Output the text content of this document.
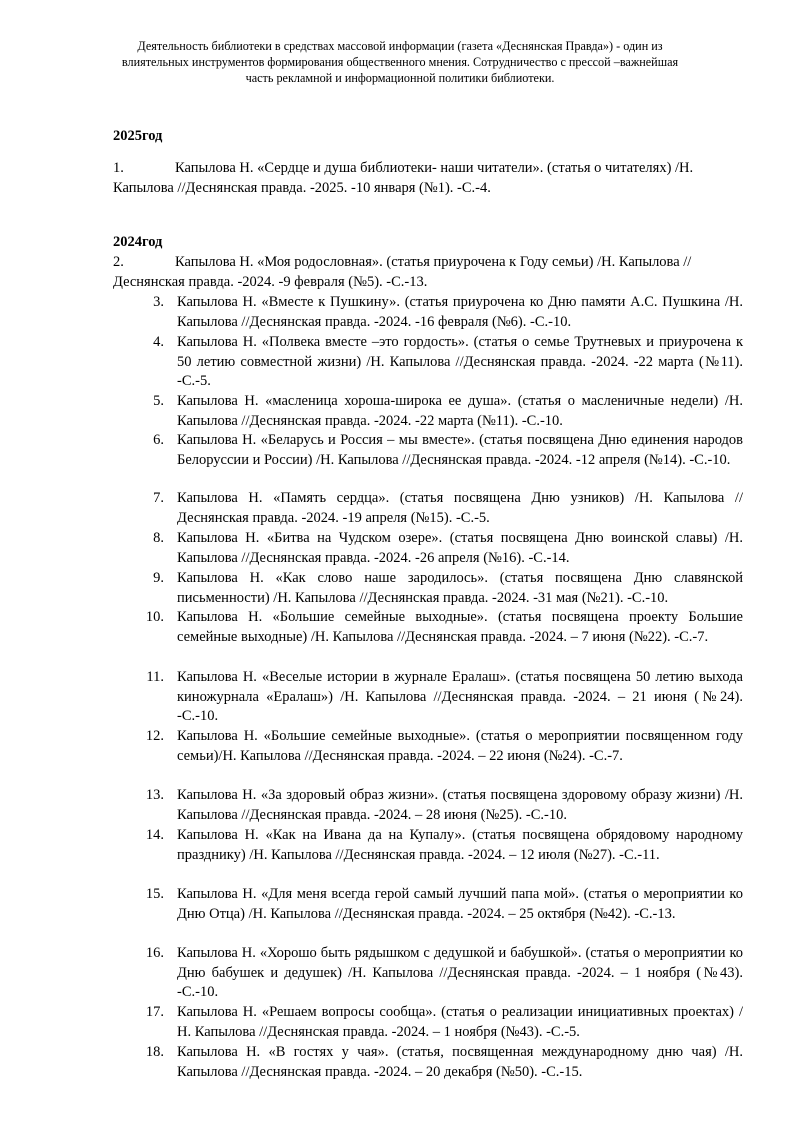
Деятельность библиотеки в средствах массовой информации (газета «Деснянская Правда») - один из влиятельных инструментов формирования общественного мнения. Сотрудничество с прессой –важнейшая часть рекламной и информационной политики библиотеки.
2025год
1.	Капылова Н. «Сердце и душа библиотеки- наши читатели». (статья о читателях) /Н. Капылова //Деснянская правда. -2025. -10 января (№1). -С.-4.
2024год
2.	Капылова Н. «Моя родословная». (статья приурочена к Году семьи) /Н. Капылова //Деснянская правда. -2024. -9 февраля (№5). -С.-13.
3. Капылова Н. «Вместе к Пушкину». (статья приурочена ко Дню памяти А.С. Пушкина /Н. Капылова //Деснянская правда. -2024. -16 февраля (№6). -С.-10.
4. Капылова Н. «Полвека вместе –это гордость». (статья о семье Трутневых и приурочена к 50 летию совместной жизни) /Н. Капылова //Деснянская правда. -2024. -22 марта (№11). -С.-5.
5. Капылова Н. «масленица хороша-широка ее душа». (статья о масленичные недели) /Н. Капылова //Деснянская правда. -2024. -22 марта (№11). -С.-10.
6. Капылова Н. «Беларусь и Россия – мы вместе». (статья посвящена Дню единения народов Белоруссии и России) /Н. Капылова //Деснянская правда. -2024. -12 апреля (№14). -С.-10.
7. Капылова Н. «Память сердца». (статья посвящена Дню узников) /Н. Капылова //Деснянская правда. -2024. -19 апреля (№15). -С.-5.
8. Капылова Н. «Битва на Чудском озере». (статья посвящена Дню воинской славы) /Н. Капылова //Деснянская правда. -2024. -26 апреля (№16). -С.-14.
9. Капылова Н. «Как слово наше зародилось». (статья посвящена Дню славянской письменности) /Н. Капылова //Деснянская правда. -2024. -31 мая (№21). -С.-10.
10. Капылова Н. «Большие семейные выходные». (статья посвящена проекту Большие семейные выходные) /Н. Капылова //Деснянская правда. -2024. – 7 июня (№22). -С.-7.
11. Капылова Н. «Веселые истории в журнале Ералаш». (статья посвящена 50 летию выхода киножурнала «Ералаш») /Н. Капылова //Деснянская правда. -2024. – 21 июня (№24). -С.-10.
12. Капылова Н. «Большие семейные выходные». (статья о мероприятии посвященном году семьи)/Н. Капылова //Деснянская правда. -2024. – 22 июня (№24). -С.-7.
13. Капылова Н. «За здоровый образ жизни». (статья посвящена здоровому образу жизни) /Н. Капылова //Деснянская правда. -2024. – 28 июня (№25). -С.-10.
14. Капылова Н. «Как на Ивана да на Купалу». (статья посвящена обрядовому народному празднику) /Н. Капылова //Деснянская правда. -2024. – 12 июля (№27). -С.-11.
15. Капылова Н. «Для меня всегда герой самый лучший папа мой». (статья о мероприятии ко Дню Отца) /Н. Капылова //Деснянская правда. -2024. – 25 октября (№42). -С.-13.
16. Капылова Н. «Хорошо быть рядышком с дедушкой и бабушкой». (статья о мероприятии ко Дню бабушек и дедушек) /Н. Капылова //Деснянская правда. -2024. – 1 ноября (№43). -С.-10.
17. Капылова Н. «Решаем вопросы сообща». (статья о реализации инициативных проектах) /Н. Капылова //Деснянская правда. -2024. – 1 ноября (№43). -С.-5.
18. Капылова Н. «В гостях у чая». (статья, посвященная международному дню чая) /Н. Капылова //Деснянская правда. -2024. – 20 декабря (№50). -С.-15.
